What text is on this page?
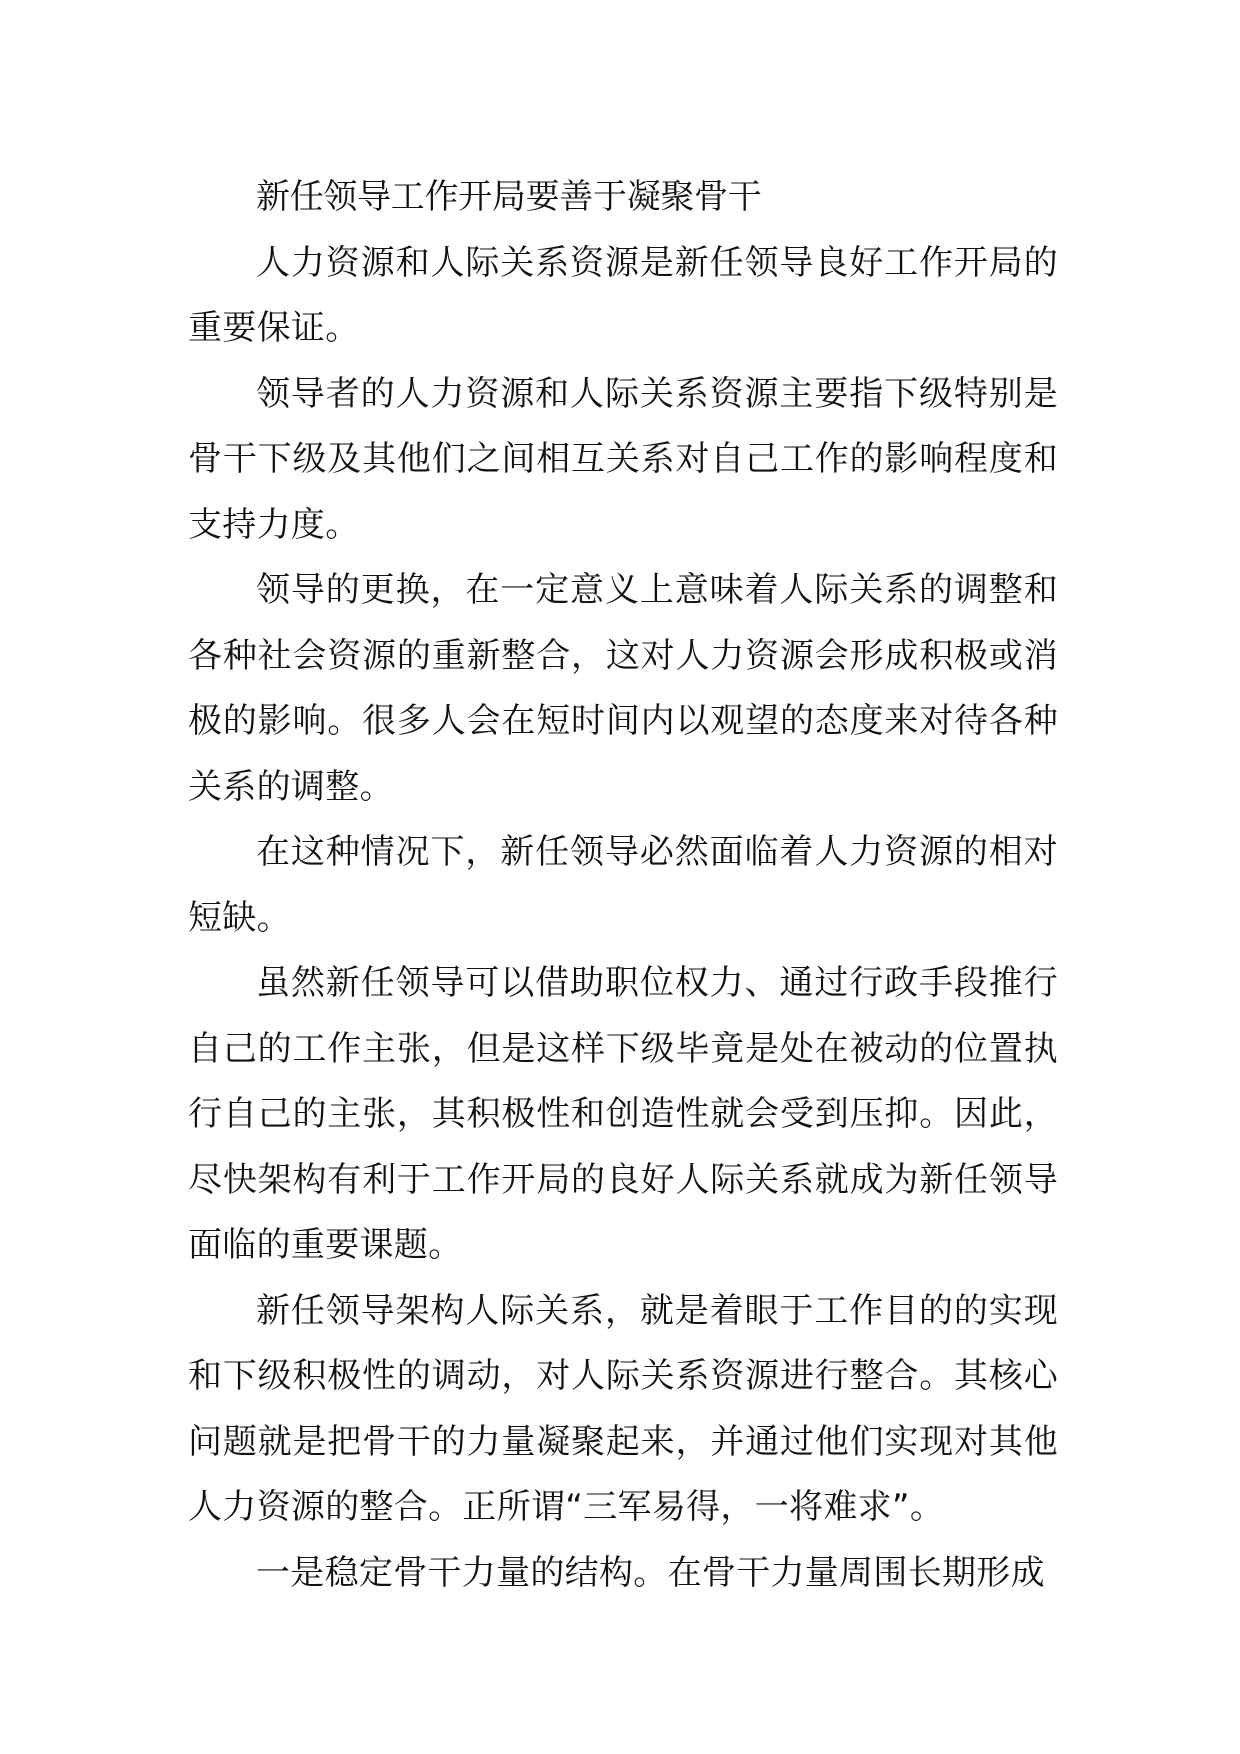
新任领导工作开局要善于凝聚骨干

人力资源和人际关系资源是新任领导良好工作开局的重要保证。

领导者的人力资源和人际关系资源主要指下级特别是骨干下级及其他们之间相互关系对自己工作的影响程度和支持力度。

领导的更换，在一定意义上意味着人际关系的调整和各种社会资源的重新整合，这对人力资源会形成积极或消极的影响。很多人会在短时间内以观望的态度来对待各种关系的调整。

在这种情况下，新任领导必然面临着人力资源的相对短缺。

虽然新任领导可以借助职位权力、通过行政手段推行自己的工作主张，但是这样下级毕竟是处在被动的位置执行自己的主张，其积极性和创造性就会受到压抑。因此，尽快架构有利于工作开局的良好人际关系就成为新任领导面临的重要课题。

新任领导架构人际关系，就是着眼于工作目的的实现和下级积极性的调动，对人际关系资源进行整合。其核心问题就是把骨干的力量凝聚起来，并通过他们实现对其他人力资源的整合。正所谓“三军易得，一将难求”。

一是稳定骨干力量的结构。在骨干力量周围长期形成
